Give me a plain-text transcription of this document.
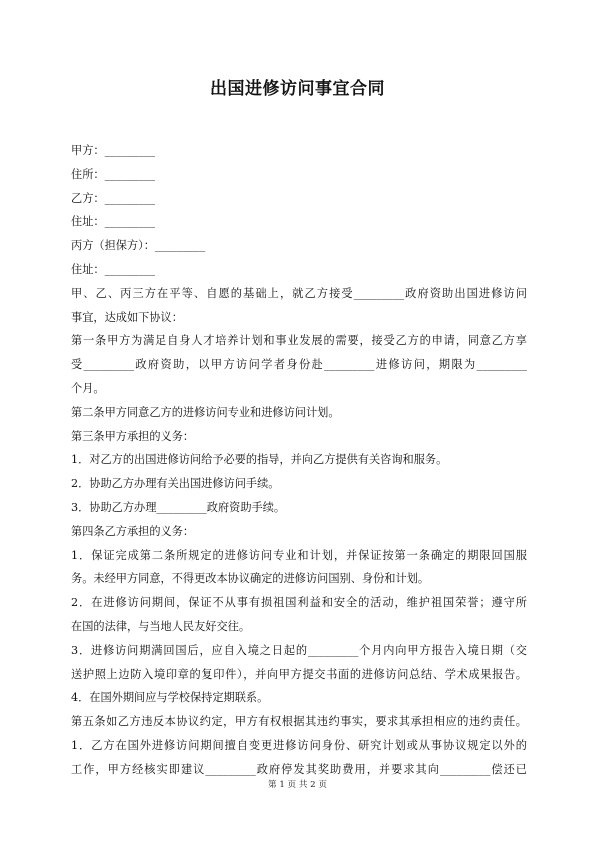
出国进修访问事宜合同
甲方：_________
住所：_________
乙方：_________
住址：_________
丙方（担保方）：_________
住址：_________
甲、乙、丙三方在平等、自愿的基础上，就乙方接受_________政府资助出国进修访问
事宜，达成如下协议：
第一条甲方为满足自身人才培养计划和事业发展的需要，接受乙方的申请，同意乙方享
受_________政府资助，以甲方访问学者身份赴_________进修访问，期限为_________
个月。
第二条甲方同意乙方的进修访问专业和进修访问计划。
第三条甲方承担的义务：
1．对乙方的出国进修访问给予必要的指导，并向乙方提供有关咨询和服务。
2．协助乙方办理有关出国进修访问手续。
3．协助乙方办理_________政府资助手续。
第四条乙方承担的义务：
1．保证完成第二条所规定的进修访问专业和计划，并保证按第一条确定的期限回国服
务。未经甲方同意，不得更改本协议确定的进修访问国别、身份和计划。
2．在进修访问期间，保证不从事有损祖国利益和安全的活动，维护祖国荣誉；遵守所
在国的法律，与当地人民友好交往。
3．进修访问期满回国后，应自入境之日起的_________个月内向甲方报告入境日期（交
送护照上边防入境印章的复印件），并向甲方提交书面的进修访问总结、学术成果报告。
4．在国外期间应与学校保持定期联系。
第五条如乙方违反本协议约定，甲方有权根据其违约事实，要求其承担相应的违约责任。
1．乙方在国外进修访问期间擅自变更进修访问身份、研究计划或从事协议规定以外的
工作，甲方经核实即建议_________政府停发其奖助费用，并要求其向_________偿还已
第 1 页 共 2 页
